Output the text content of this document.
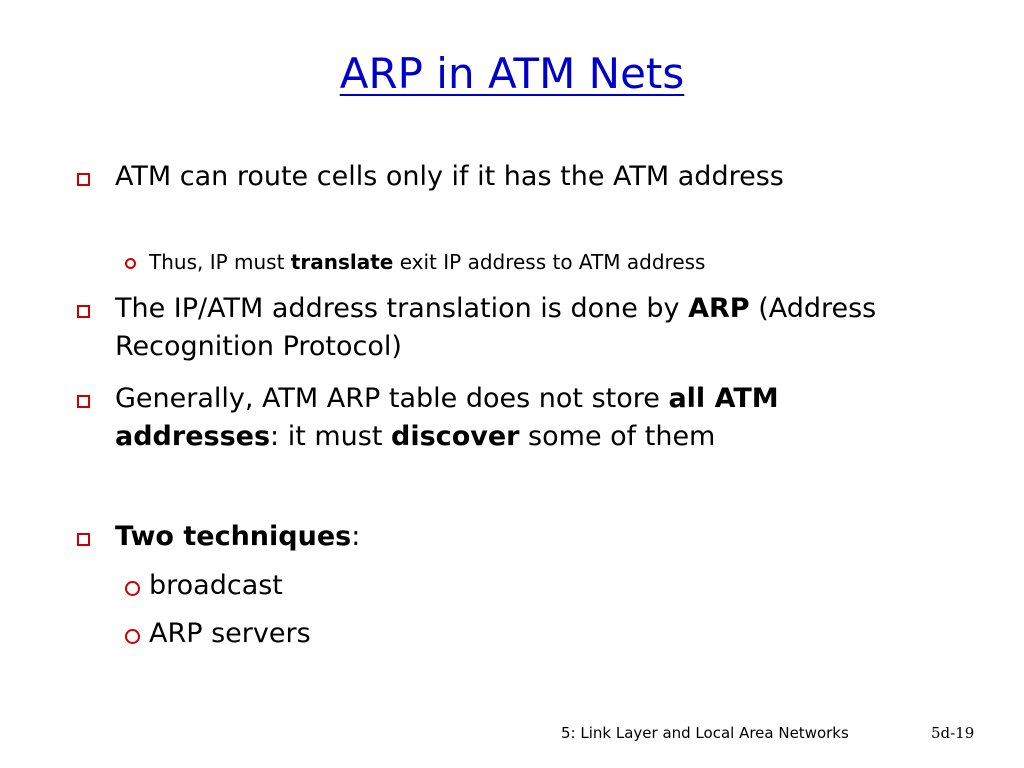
ARP in ATM Nets
ATM can route cells only if it has the ATM address
Thus, IP must translate exit IP address to ATM address
The IP/ATM address translation is done by ARP (Address Recognition Protocol)
Generally, ATM ARP table does not store all ATM addresses: it must discover some of them
Two techniques:
broadcast
ARP servers
5: Link Layer and Local Area Networks	5d-19
